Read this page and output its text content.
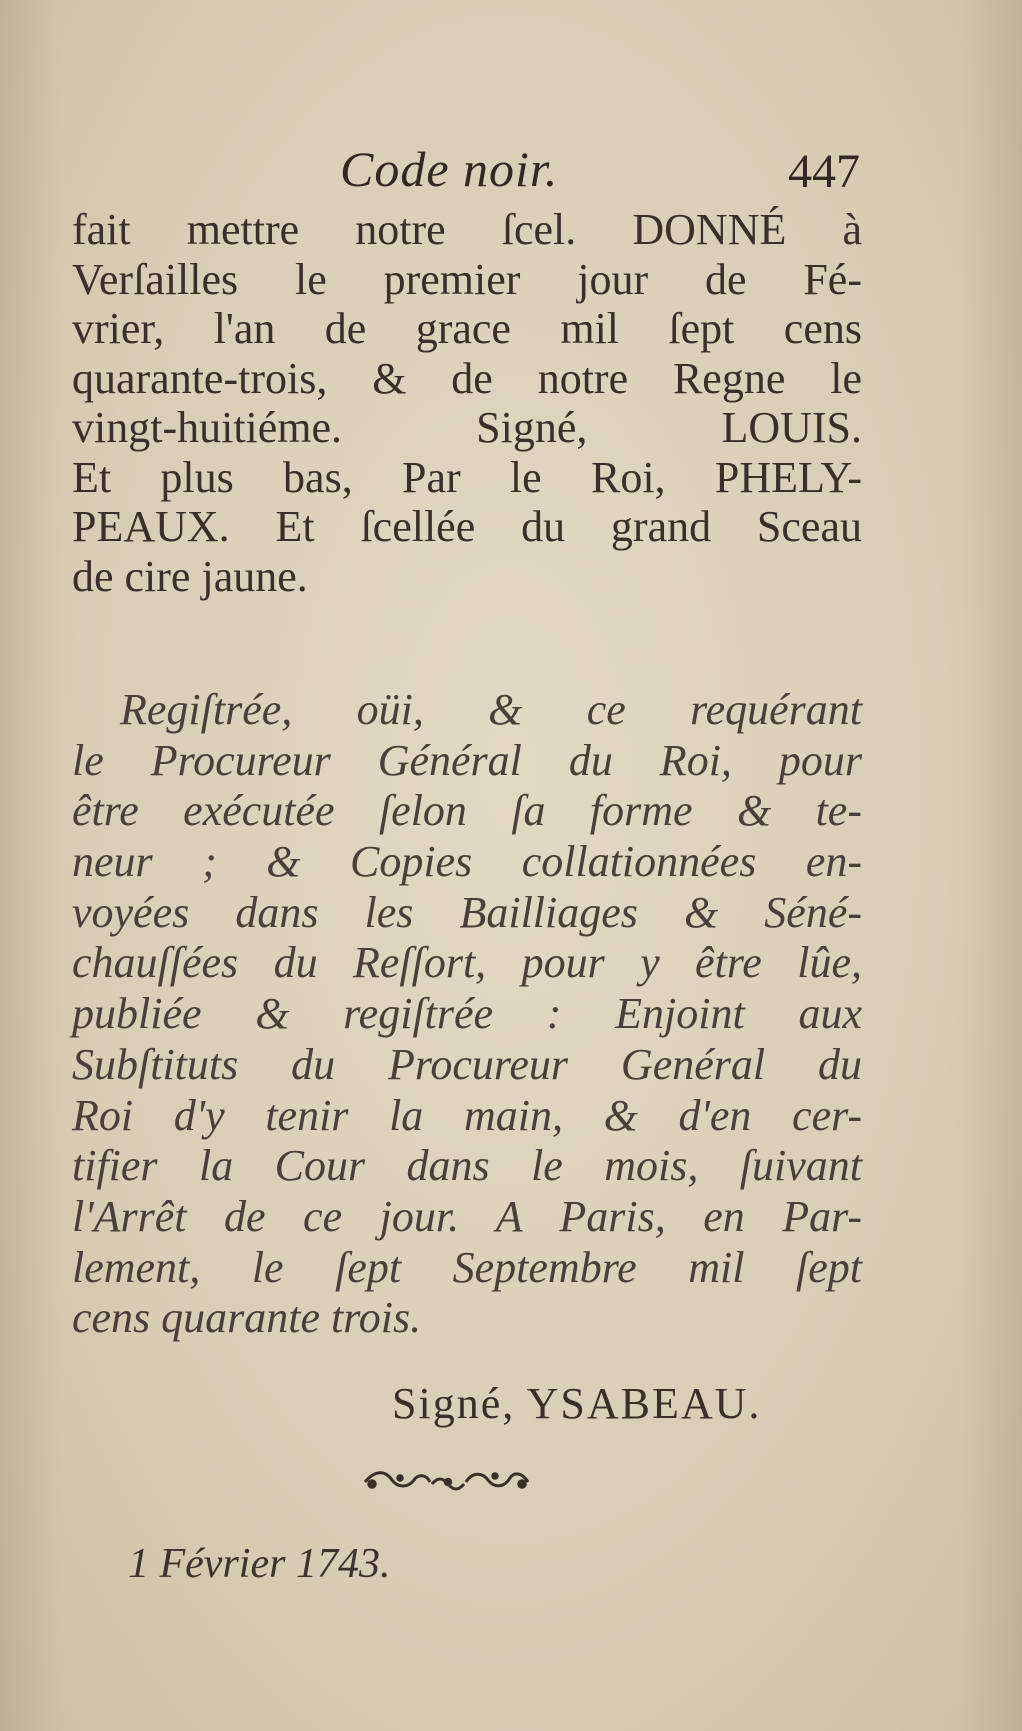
Code noir.	447
fait mettre notre ſcel. DONNÉ à
Verſailles le premier jour de Fé-
vrier, l'an de grace mil ſept cens
quarante-trois, & de notre Regne le
vingt-huitiéme. Signé, LOUIS.
Et plus bas, Par le Roi, PHELY-
PEAUX. Et ſcellée du grand Sceau
de cire jaune.
Regiſtrée, oüi, & ce requérant
le Procureur Général du Roi, pour
être exécutée ſelon ſa forme & te-
neur ; & Copies collationnées en-
voyées dans les Bailliages & Séné-
chauſſées du Reſſort, pour y être lûe,
publiée & regiſtrée : Enjoint aux
Subſtituts du Procureur Genéral du
Roi d'y tenir la main, & d'en cer-
tifier la Cour dans le mois, ſuivant
l'Arrêt de ce jour. A Paris, en Par-
lement, le ſept Septembre mil ſept
cens quarante trois.
Signé, YSABEAU.
1 Février 1743.
